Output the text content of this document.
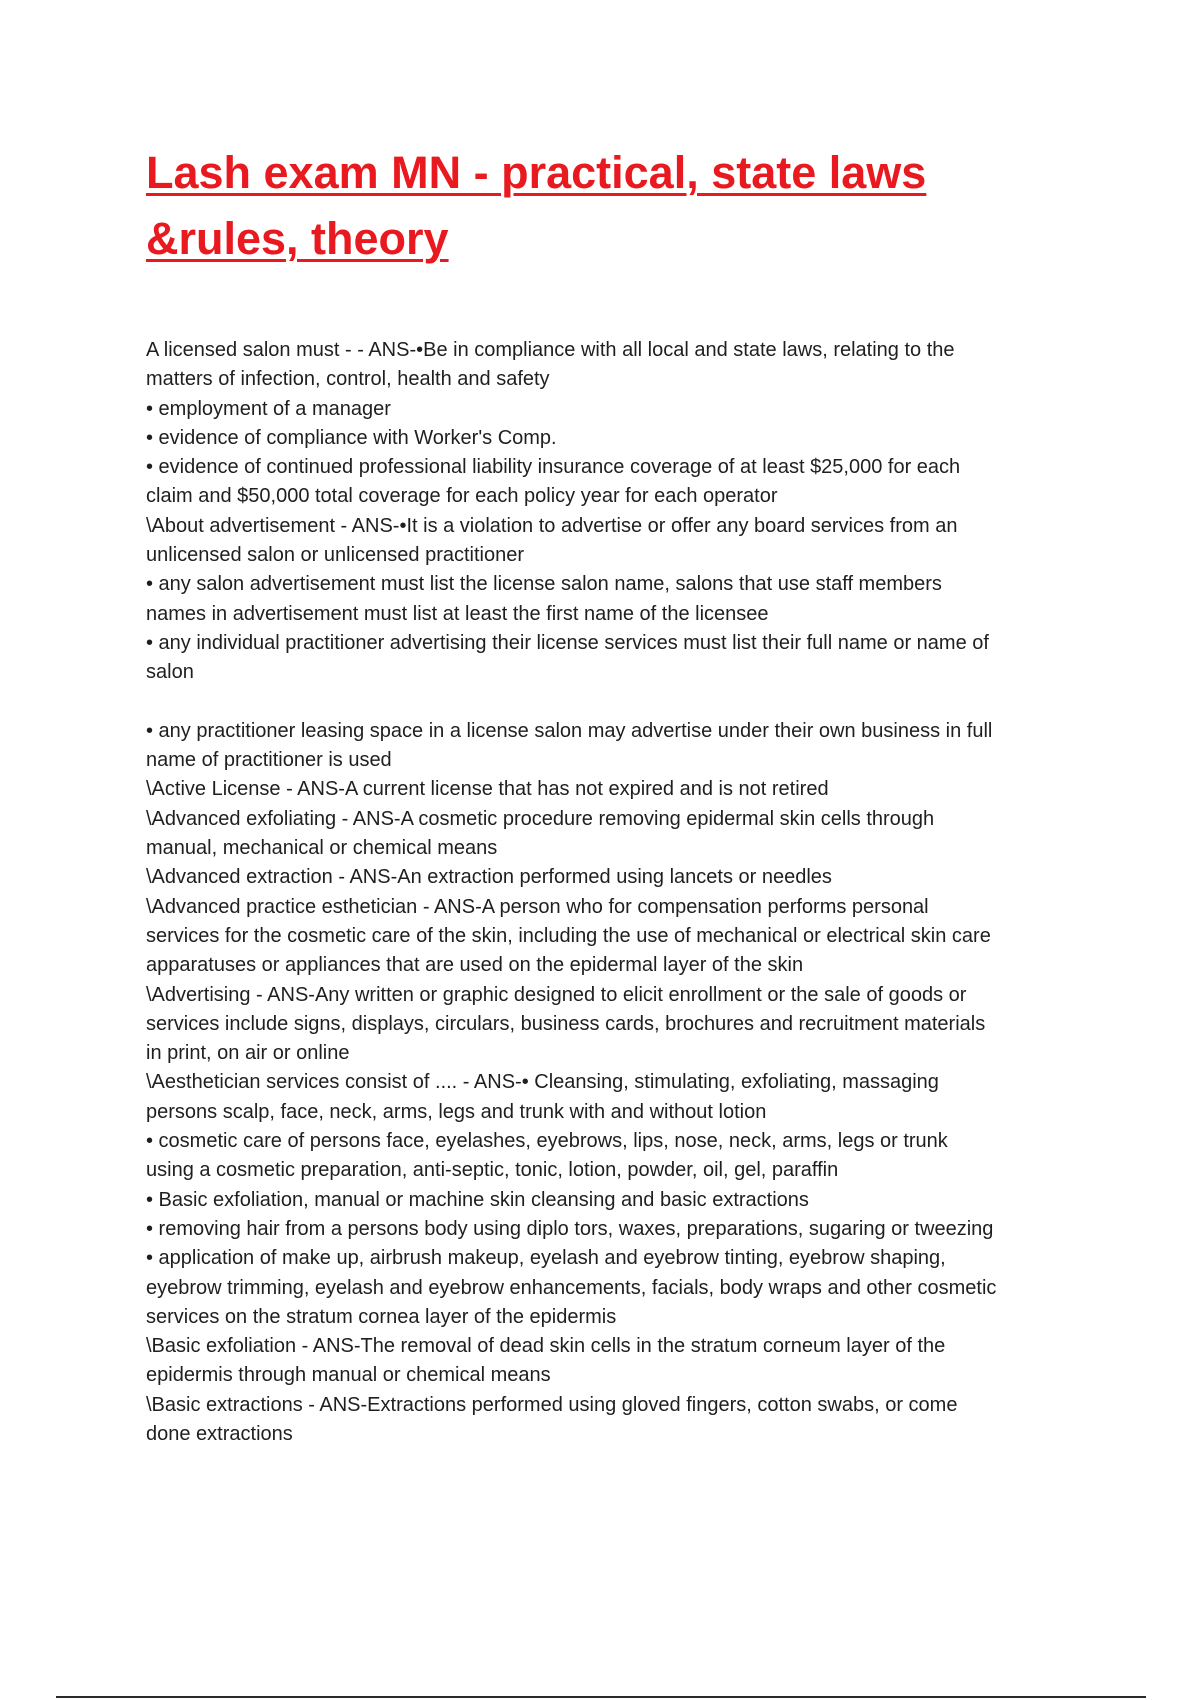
Lash exam MN - practical, state laws
&rules, theory
A licensed salon must - - ANS-•Be in compliance with all local and state laws, relating to the
matters of infection, control, health and safety
• employment of a manager
• evidence of compliance with Worker's Comp.
• evidence of continued professional liability insurance coverage of at least $25,000 for each
claim and $50,000 total coverage for each policy year for each operator
\About advertisement - ANS-•It is a violation to advertise or offer any board services from an
unlicensed salon or unlicensed practitioner
• any salon advertisement must list the license salon name, salons that use staff members
names in advertisement must list at least the first name of the licensee
• any individual practitioner advertising their license services must list their full name or name of
salon
• any practitioner leasing space in a license salon may advertise under their own business in full
name of practitioner is used
\Active License - ANS-A current license that has not expired and is not retired
\Advanced exfoliating - ANS-A cosmetic procedure removing epidermal skin cells through
manual, mechanical or chemical means
\Advanced extraction - ANS-An extraction performed using lancets or needles
\Advanced practice esthetician - ANS-A person who for compensation performs personal
services for the cosmetic care of the skin, including the use of mechanical or electrical skin care
apparatuses or appliances that are used on the epidermal layer of the skin
\Advertising - ANS-Any written or graphic designed to elicit enrollment or the sale of goods or
services include signs, displays, circulars, business cards, brochures and recruitment materials
in print, on air or online
\Aesthetician services consist of .... - ANS-• Cleansing, stimulating, exfoliating, massaging
persons scalp, face, neck, arms, legs and trunk with and without lotion
• cosmetic care of persons face, eyelashes, eyebrows, lips, nose, neck, arms, legs or trunk
using a cosmetic preparation, anti-septic, tonic, lotion, powder, oil, gel, paraffin
• Basic exfoliation, manual or machine skin cleansing and basic extractions
• removing hair from a persons body using diplo tors, waxes, preparations, sugaring or tweezing
• application of make up, airbrush makeup, eyelash and eyebrow tinting, eyebrow shaping,
eyebrow trimming, eyelash and eyebrow enhancements, facials, body wraps and other cosmetic
services on the stratum cornea layer of the epidermis
\Basic exfoliation - ANS-The removal of dead skin cells in the stratum corneum layer of the
epidermis through manual or chemical means
\Basic extractions - ANS-Extractions performed using gloved fingers, cotton swabs, or come
done extractions
